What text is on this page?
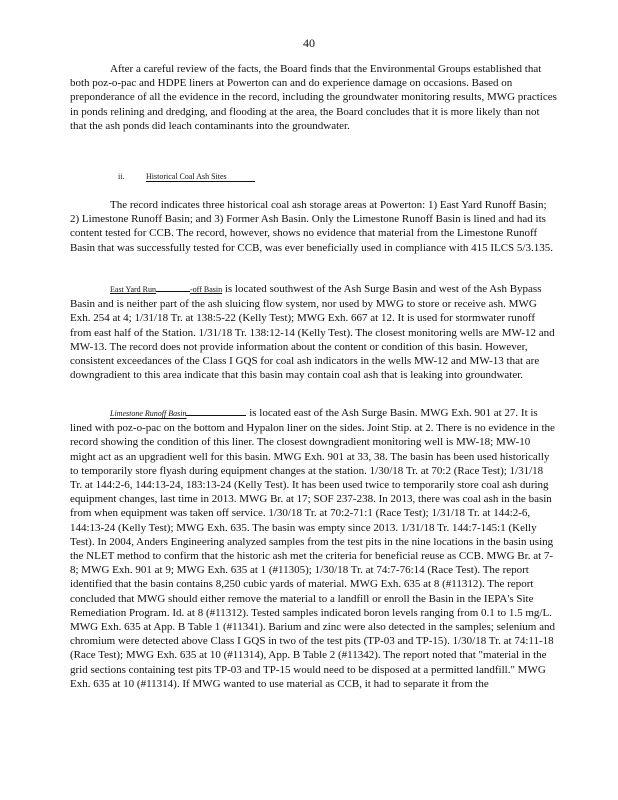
40

After a careful review of the facts, the Board finds that the Environmental Groups established that both poz-o-pac and HDPE liners at Powerton can and do experience damage on occasions. Based on preponderance of all the evidence in the record, including the groundwater monitoring results, MWG practices in ponds relining and dredging, and flooding at the area, the Board concludes that it is more likely than not that the ash ponds did leach contaminants into the groundwater.

ii.	Historical Coal Ash Sites

The record indicates three historical coal ash storage areas at Powerton: 1) East Yard Runoff Basin; 2) Limestone Runoff Basin; and 3) Former Ash Basin. Only the Limestone Runoff Basin is lined and had its content tested for CCB. The record, however, shows no evidence that material from the Limestone Runoff Basin that was successfully tested for CCB, was ever beneficially used in compliance with 415 ILCS 5/3.135.

East Yard Run	-off Basin is located southwest of the Ash Surge Basin and west of the Ash Bypass Basin and is neither part of the ash sluicing flow system, nor used by MWG to store or receive ash. MWG Exh. 254 at 4; 1/31/18 Tr. at 138:5-22 (Kelly Test); MWG Exh. 667 at 12. It is used for stormwater runoff from east half of the Station. 1/31/18 Tr. 138:12-14 (Kelly Test). The closest monitoring wells are MW-12 and MW-13. The record does not provide information about the content or condition of this basin. However, consistent exceedances of the Class I GQS for coal ash indicators in the wells MW-12 and MW-13 that are downgradient to this area indicate that this basin may contain coal ash that is leaking into groundwater.

Limestone Runoff Basin	is located east of the Ash Surge Basin. MWG Exh. 901 at 27. It is lined with poz-o-pac on the bottom and Hypalon liner on the sides. Joint Stip. at 2. There is no evidence in the record showing the condition of this liner. The closest downgradient monitoring well is MW-18; MW-10 might act as an upgradient well for this basin. MWG Exh. 901 at 33, 38. The basin has been used historically to temporarily store flyash during equipment changes at the station. 1/30/18 Tr. at 70:2 (Race Test); 1/31/18 Tr. at 144:2-6, 144:13-24, 183:13-24 (Kelly Test). It has been used twice to temporarily store coal ash during equipment changes, last time in 2013. MWG Br. at 17; SOF 237-238. In 2013, there was coal ash in the basin from when equipment was taken off service. 1/30/18 Tr. at 70:2-71:1 (Race Test); 1/31/18 Tr. at 144:2-6, 144:13-24 (Kelly Test); MWG Exh. 635. The basin was empty since 2013. 1/31/18 Tr. 144:7-145:1 (Kelly Test). In 2004, Anders Engineering analyzed samples from the test pits in the nine locations in the basin using the NLET method to confirm that the historic ash met the criteria for beneficial reuse as CCB. MWG Br. at 7-8; MWG Exh. 901 at 9; MWG Exh. 635 at 1 (#11305); 1/30/18 Tr. at 74:7-76:14 (Race Test). The report identified that the basin contains 8,250 cubic yards of material. MWG Exh. 635 at 8 (#11312). The report concluded that MWG should either remove the material to a landfill or enroll the Basin in the IEPA's Site Remediation Program. Id. at 8 (#11312). Tested samples indicated boron levels ranging from 0.1 to 1.5 mg/L. MWG Exh. 635 at App. B Table 1 (#11341). Barium and zinc were also detected in the samples; selenium and chromium were detected above Class I GQS in two of the test pits (TP-03 and TP-15). 1/30/18 Tr. at 74:11-18 (Race Test); MWG Exh. 635 at 10 (#11314), App. B Table 2 (#11342). The report noted that "material in the grid sections containing test pits TP-03 and TP-15 would need to be disposed at a permitted landfill." MWG Exh. 635 at 10 (#11314). If MWG wanted to use material as CCB, it had to separate it from the
